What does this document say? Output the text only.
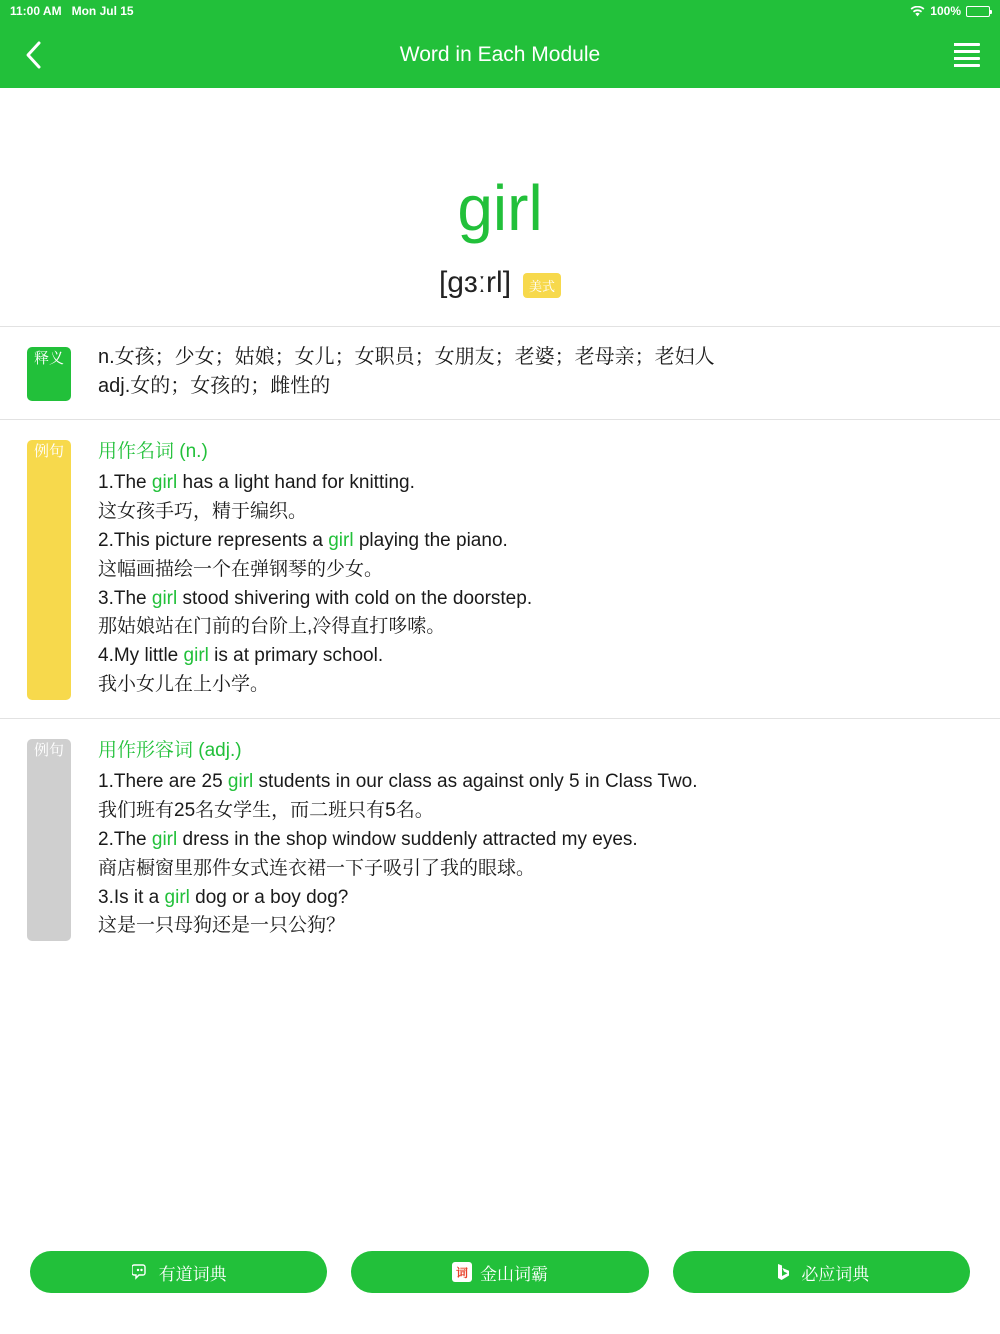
11:00 AM Mon Jul 15	100%
Word in Each Module
girl
[gɜːrl]	美式
释义	n.女孩；少女；姑娘；女儿；女职员；女朋友；老婆；老母亲；老妇人
adj.女的；女孩的；雌性的
例句	用作名词 (n.)
1.The girl has a light hand for knitting.
这女孩手巧，精于编织。
2.This picture represents a girl playing the piano.
这幅画描绘一个在弹钢琴的少女。
3.The girl stood shivering with cold on the doorstep.
那姑娘站在门前的台阶上,冷得直打哆嗦。
4.My little girl is at primary school.
我小女儿在上小学。
例句	用作形容词 (adj.)
1.There are 25 girl students in our class as against only 5 in Class Two.
我们班有25名女学生，而二班只有5名。
2.The girl dress in the shop window suddenly attracted my eyes.
商店橱窗里那件女式连衣裙一下子吸引了我的眼球。
3.Is it a girl dog or a boy dog?
这是一只母狗还是一只公狗？
有道词典	词 金山词霸	必应词典
